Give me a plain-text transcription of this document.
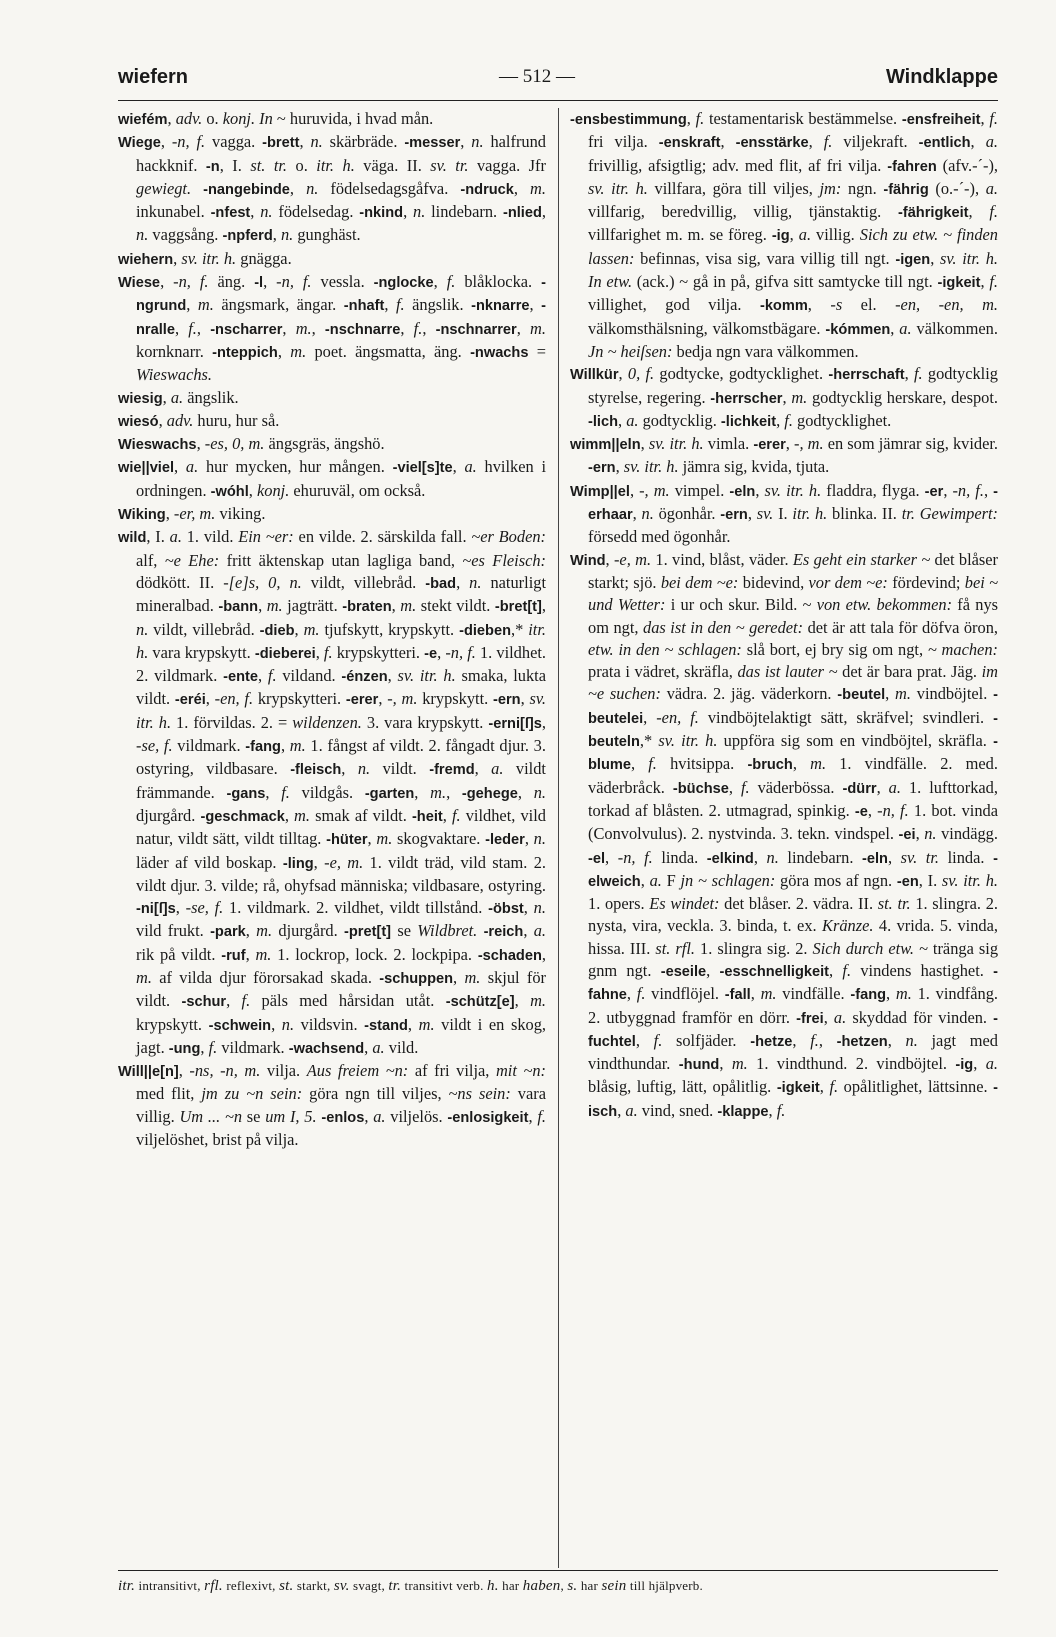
wiefern	— 512 —	Windklappe

wiefém, adv. o. konj. In ~ huruvida, i hvad mån.

Wiege, -n, f. vagga. -brett, n. skärbräde. -messer, n. halfrund hackknif. -n, I. st. tr. o. itr. h. väga. II. sv. tr. vagga. Jfr gewiegt. -nangebinde, n. födelsedagsgåfva. -ndruck, m. inkunabel. -nfest, n. födelsedag. -nkind, n. lindebarn. -nlied, n. vaggsång. -npferd, n. gunghäst.

wiehern, sv. itr. h. gnägga.

Wiese, -n, f. äng. -l, -n, f. vessla. -nglocke, f. blåklocka. -ngrund, m. ängsmark, ängar. -nhaft, f. ängslik. -nknarre, -nralle, f., -nscharrer, m., -nschnarre, f., -nschnarrer, m. kornknarr. -nteppich, m. poet. ängsmatta, äng. -nwachs = Wieswachs.

wiesig, a. ängslik.

wiesó, adv. huru, hur så.

Wieswachs, -es, 0, m. ängsgräs, ängshö.

wie||viel, a. hur mycken, hur mången. -viel[s]te, a. hvilken i ordningen. -wóhl, konj. ehuruväl, om också.

Wiking, -er, m. viking.

wild, I. a. 1. vild. Ein ~er: en vilde. 2. särskilda fall. ~er Boden: alf, ~e Ehe: fritt äktenskap utan lagliga band, ~es Fleisch: dödkött. II. -[e]s, 0, n. vildt, villebråd. -bad, n. naturligt mineralbad. -bann, m. jagträtt. -braten, m. stekt vildt. -bret[t], n. vildt, villebråd. -dieb, m. tjufskytt, krypskytt. -dieben,* itr. h. vara krypskytt. -dieberei, f. krypskytteri. -e, -n, f. 1. vildhet. 2. vildmark. -ente, f. vildand. -énzen, sv. itr. h. smaka, lukta vildt. -eréi, -en, f. krypskytteri. -erer, -, m. krypskytt. -ern, sv. itr. h. 1. förvildas. 2. = wildenzen. 3. vara krypskytt. -erni[ſ]s, -se, f. vildmark. -fang, m. 1. fångst af vildt. 2. fångadt djur. 3. ostyring, vildbasare. -fleisch, n. vildt. -fremd, a. vildt främmande. -gans, f. vildgås. -garten, m., -gehege, n. djurgård. -geschmack, m. smak af vildt. -heit, f. vildhet, vild natur, vildt sätt, vildt tilltag. -hüter, m. skogvaktare. -leder, n. läder af vild boskap. -ling, -e, m. 1. vildt träd, vild stam. 2. vildt djur. 3. vilde; rå, ohyfsad människa; vildbasare, ostyring. -ni[ſ]s, -se, f. 1. vildmark. 2. vildhet, vildt tillstånd. -öbst, n. vild frukt. -park, m. djurgård. -pret[t] se Wildbret. -reich, a. rik på vildt. -ruf, m. 1. lockrop, lock. 2. lockpipa. -schaden, m. af vilda djur förorsakad skada. -schuppen, m. skjul för vildt. -schur, f. päls med hårsidan utåt. -schütz[e], m. krypskytt. -schwein, n. vildsvin. -stand, m. vildt i en skog, jagt. -ung, f. vildmark. -wachsend, a. vild.

Will||e[n], -ns, -n, m. vilja. Aus freiem ~n: af fri vilja, mit ~n: med flit, jm zu ~n sein: göra ngn till viljes, ~ns sein: vara villig. Um ... ~n se um I, 5. -enlos, a. viljelös. -enlosigkeit, f. viljelöshet, brist på vilja.

-ensbestimmung, f. testamentarisk bestämmelse. -ensfreiheit, f. fri vilja. -enskraft, -ensstärke, f. viljekraft. -entlich, a. frivillig, afsigtlig; adv. med flit, af fri vilja. -fahren (afv.-´-), sv. itr. h. villfara, göra till viljes, jm: ngn. -fährig (o.-´-), a. villfarig, beredvillig, villig, tjänstaktig. -fährigkeit, f. villfarighet m. m. se föreg. -ig, a. villig. Sich zu etw. ~ finden lassen: befinnas, visa sig, vara villig till ngt. -igen, sv. itr. h. In etw. (ack.) ~ gå in på, gifva sitt samtycke till ngt. -igkeit, f. villighet, god vilja. -komm, -s el. -en, -en, m. välkomsthälsning, välkomstbägare. -kómmen, a. välkommen. Jn ~ heiſsen: bedja ngn vara välkommen.

Willkür, 0, f. godtycke, godtycklighet. -herrschaft, f. godtycklig styrelse, regering. -herrscher, m. godtycklig herskare, despot. -lich, a. godtycklig. -lichkeit, f. godtycklighet.

wimm||eln, sv. itr. h. vimla. -erer, -, m. en som jämrar sig, kvider. -ern, sv. itr. h. jämra sig, kvida, tjuta.

Wimp||el, -, m. vimpel. -eln, sv. itr. h. fladdra, flyga. -er, -n, f., -erhaar, n. ögonhår. -ern, sv. I. itr. h. blinka. II. tr. Gewimpert: försedd med ögonhår.

Wind, -e, m. 1. vind, blåst, väder. Es geht ein starker ~ det blåser starkt; sjö. bei dem ~e: bidevind, vor dem ~e: fördevind; bei ~ und Wetter: i ur och skur. Bild. ~ von etw. bekommen: få nys om ngt, das ist in den ~ geredet: det är att tala för döfva öron, etw. in den ~ schlagen: slå bort, ej bry sig om ngt, ~ machen: prata i vädret, skräfla, das ist lauter ~ det är bara prat. Jäg. im ~e suchen: vädra. 2. jäg. väderkorn. -beutel, m. vindböjtel. -beutelei, -en, f. vindböjtelaktigt sätt, skräfvel; svindleri. -beuteln,* sv. itr. h. uppföra sig som en vindböjtel, skräfla. -blume, f. hvitsippa. -bruch, m. 1. vindfälle. 2. med. väderbråck. -büchse, f. väderbössa. -dürr, a. 1. lufttorkad, torkad af blåsten. 2. utmagrad, spinkig. -e, -n, f. 1. bot. vinda (Convolvulus). 2. nystvinda. 3. tekn. vindspel. -ei, n. vindägg. -el, -n, f. linda. -elkind, n. lindebarn. -eln, sv. tr. linda. -elweich, a. F jn ~ schlagen: göra mos af ngn. -en, I. sv. itr. h. 1. opers. Es windet: det blåser. 2. vädra. II. st. tr. 1. slingra. 2. nysta, vira, veckla. 3. binda, t. ex. Kränze. 4. vrida. 5. vinda, hissa. III. st. rfl. 1. slingra sig. 2. Sich durch etw. ~ tränga sig gnm ngt. -eseile, -esschnelligkeit, f. vindens hastighet. -fahne, f. vindflöjel. -fall, m. vindfälle. -fang, m. 1. vindfång. 2. utbyggnad framför en dörr. -frei, a. skyddad för vinden. -fuchtel, f. solfjäder. -hetze, f., -hetzen, n. jagt med vindthundar. -hund, m. 1. vindthund. 2. vindböjtel. -ig, a. blåsig, luftig, lätt, opålitlig. -igkeit, f. opålitlighet, lättsinne. -isch, a. vind, sned. -klappe, f.

itr. intransitivt, rfl. reflexivt, st. starkt, sv. svagt, tr. transitivt verb. h. har haben, s. har sein till hjälpverb.
